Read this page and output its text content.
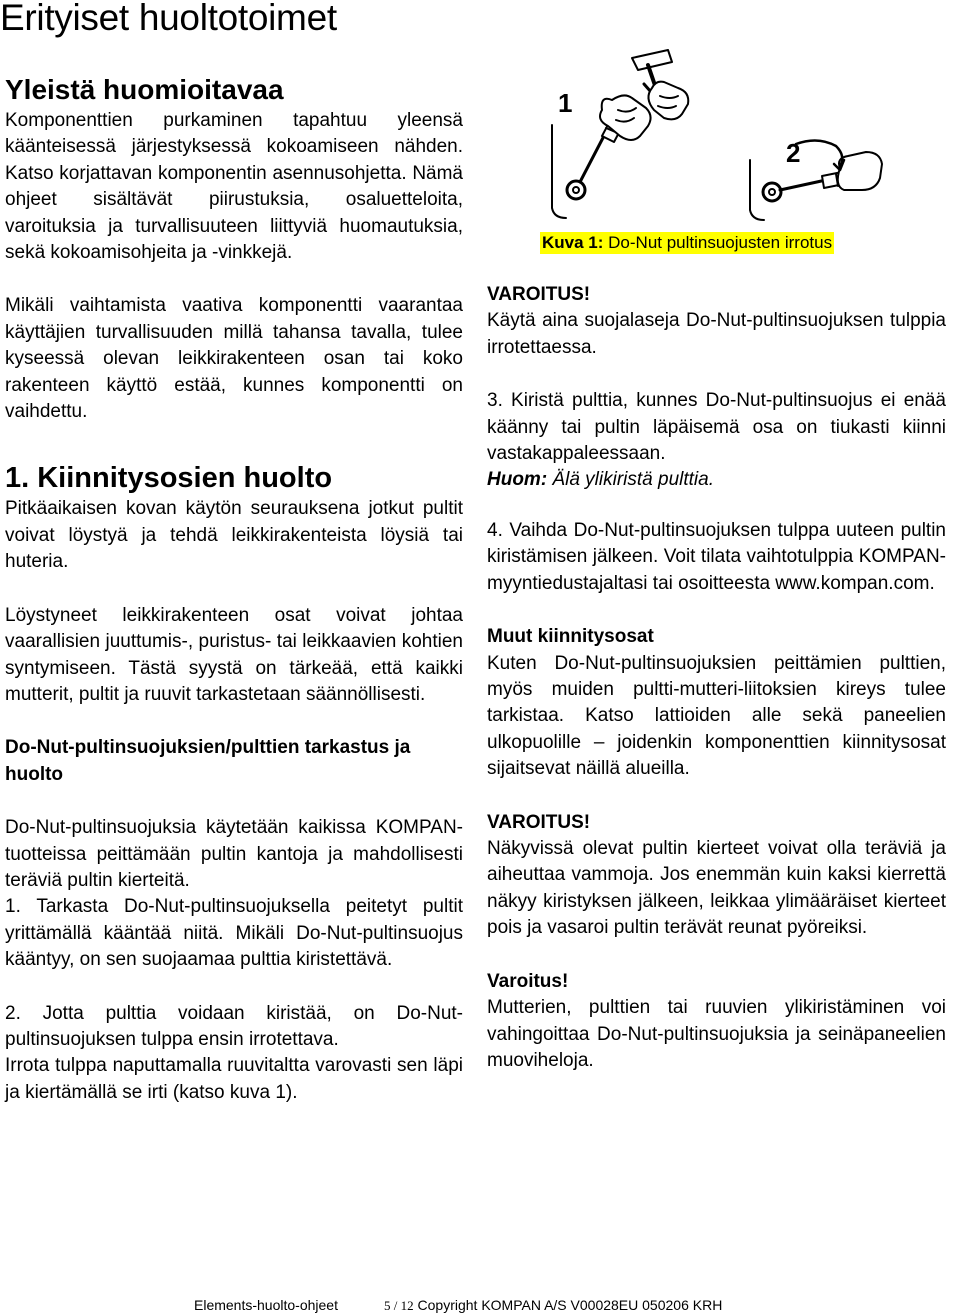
Erityiset huoltotoimet
Yleistä huomioitavaa

Komponenttien purkaminen tapahtuu yleensä käänteisessä järjestyksessä kokoamiseen nähden. Katso korjattavan komponentin asennusohjetta. Nämä ohjeet sisältävät piirustuksia, osaluetteloita, varoituksia ja turvallisuuteen liittyviä huomautuksia, sekä kokoamisohjeita ja -vinkkejä.

Mikäli vaihtamista vaativa komponentti vaarantaa käyttäjien turvallisuuden millä tahansa tavalla, tulee kyseessä olevan leikkirakenteen osan tai koko rakenteen käyttö estää, kunnes komponentti on vaihdettu.

1. Kiinnitysosien huolto

Pitkäaikaisen kovan käytön seurauksena jotkut pultit voivat löystyä ja tehdä leikkirakenteista löysiä tai huteria.

Löystyneet leikkirakenteen osat voivat johtaa vaarallisien juuttumis-, puristus- tai leikkaavien kohtien syntymiseen. Tästä syystä on tärkeää, että kaikki mutterit, pultit ja ruuvit tarkastetaan säännöllisesti.

Do-Nut-pultinsuojuksien/pulttien tarkastus ja huolto

Do-Nut-pultinsuojuksia käytetään kaikissa KOMPAN-tuotteissa peittämään pultin kantoja ja mahdollisesti teräviä pultin kierteitä.

1. Tarkasta Do-Nut-pultinsuojuksella peitetyt pultit yrittämällä kääntää niitä. Mikäli Do-Nut-pultinsuojus kääntyy, on sen suojaamaa pulttia kiristettävä.

2. Jotta pulttia voidaan kiristää, on Do-Nut-pultinsuojuksen tulppa ensin irrotettava.

Irrota tulppa naputtamalla ruuvitaltta varovasti sen läpi ja kiertämällä se irti (katso kuva 1).

1
2
Kuva 1: Do-Nut pultinsuojusten irrotus

VAROITUS!

Käytä aina suojalaseja Do-Nut-pultinsuojuksen tulppia irrotettaessa.

3. Kiristä pulttia, kunnes Do-Nut-pultinsuojus ei enää käänny tai pultin läpäisemä osa on tiukasti kiinni vastakappaleessaan.

Huom: Älä ylikiristä pulttia.

4. Vaihda Do-Nut-pultinsuojuksen tulppa uuteen pultin kiristämisen jälkeen. Voit tilata vaihtotulppia KOMPAN-myyntiedustajaltasi tai osoitteesta www.kompan.com.

Muut kiinnitysosat

Kuten Do-Nut-pultinsuojuksien peittämien pulttien, myös muiden pultti-mutteri-liitoksien kireys tulee tarkistaa. Katso lattioiden alle sekä paneelien ulkopuolille – joidenkin komponenttien kiinnitysosat sijaitsevat näillä alueilla.

VAROITUS!

Näkyvissä olevat pultin kierteet voivat olla teräviä ja aiheuttaa vammoja. Jos enemmän kuin kaksi kierrettä näkyy kiristyksen jälkeen, leikkaa ylimääräiset kierteet pois ja vasaroi pultin terävät reunat pyöreiksi.

Varoitus!

Mutterien, pulttien tai ruuvien ylikiristäminen voi vahingoittaa Do-Nut-pultinsuojuksia ja seinäpaneelien muoviheloja.

Elements-huolto-ohjeet	5 / 12 Copyright KOMPAN A/S V00028EU 050206 KRH
